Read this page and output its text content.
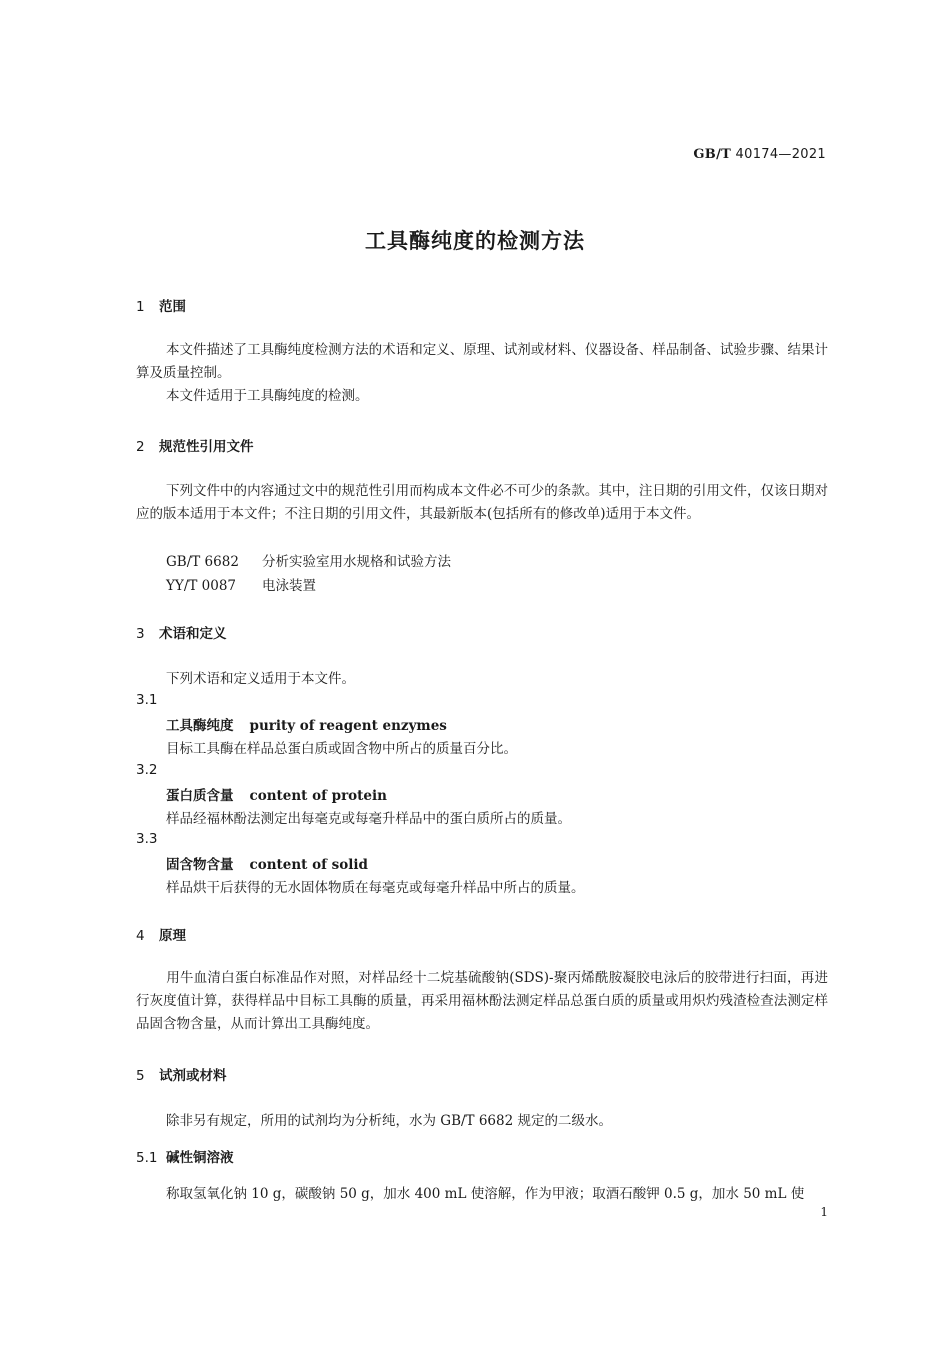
GB/T 40174—2021
工具酶纯度的检测方法
1 范围
本文件描述了工具酶纯度检测方法的术语和定义、原理、试剂或材料、仪器设备、样品制备、试验步骤、结果计算及质量控制。
本文件适用于工具酶纯度的检测。
2 规范性引用文件
下列文件中的内容通过文中的规范性引用而构成本文件必不可少的条款。其中，注日期的引用文件，仅该日期对应的版本适用于本文件；不注日期的引用文件，其最新版本(包括所有的修改单)适用于本文件。
GB/T 6682 分析实验室用水规格和试验方法
YY/T 0087 电泳装置
3 术语和定义
下列术语和定义适用于本文件。
3.1
工具酶纯度 purity of reagent enzymes
目标工具酶在样品总蛋白质或固含物中所占的质量百分比。
3.2
蛋白质含量 content of protein
样品经福林酚法测定出每毫克或每毫升样品中的蛋白质所占的质量。
3.3
固含物含量 content of solid
样品烘干后获得的无水固体物质在每毫克或每毫升样品中所占的质量。
4 原理
用牛血清白蛋白标准品作对照，对样品经十二烷基硫酸钠(SDS)-聚丙烯酰胺凝胶电泳后的胶带进行扫面，再进行灰度值计算，获得样品中目标工具酶的质量，再采用福林酚法测定样品总蛋白质的质量或用炽灼残渣检查法测定样品固含物含量，从而计算出工具酶纯度。
5 试剂或材料
除非另有规定，所用的试剂均为分析纯，水为 GB/T 6682 规定的二级水。
5.1 碱性铜溶液
称取氢氧化钠 10 g，碳酸钠 50 g，加水 400 mL 使溶解，作为甲液；取酒石酸钾 0.5 g，加水 50 mL 使
1
